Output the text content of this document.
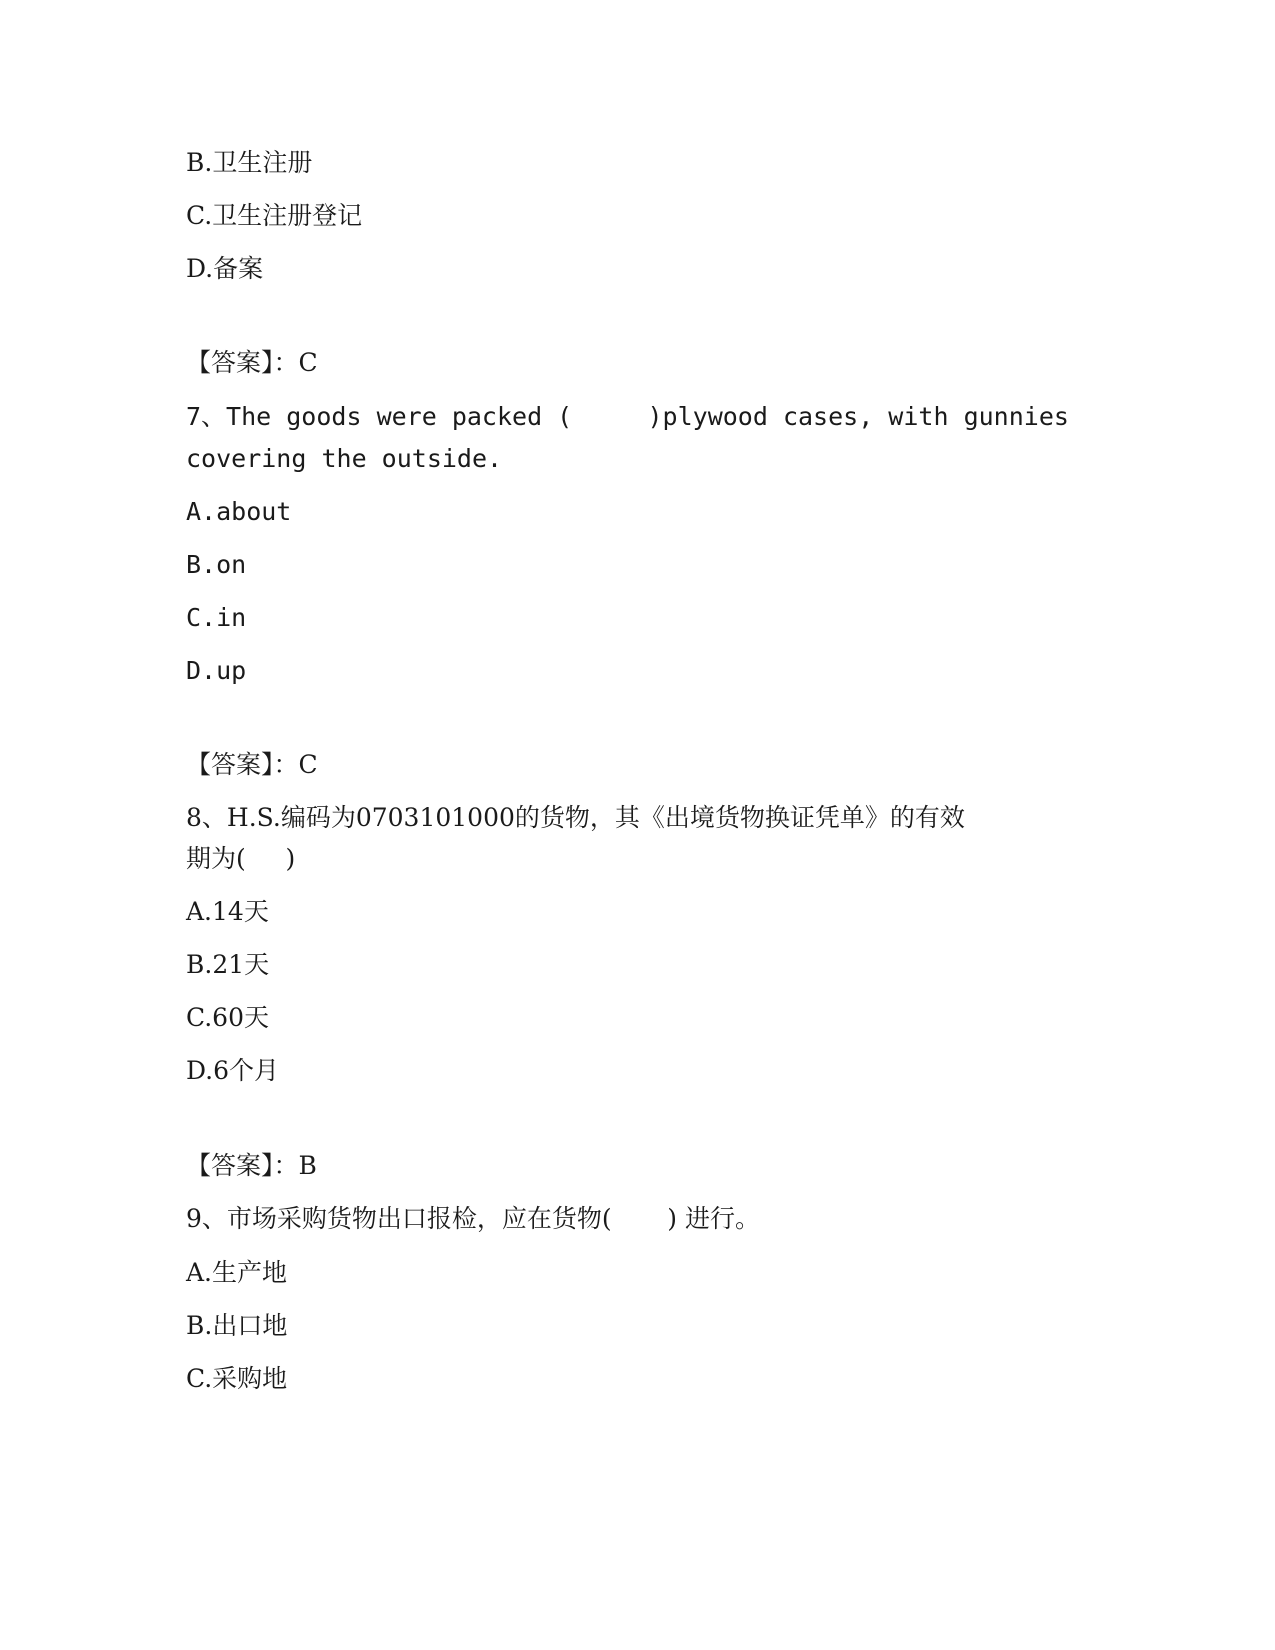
B.卫生注册
C.卫生注册登记
D.备案
【答案】：C
7、The goods were packed (     )plywood cases, with gunnies
covering the outside.
A.about
B.on
C.in
D.up
【答案】：C
8、H.S.编码为0703101000的货物，其《出境货物换证凭单》的有效
期为(     )
A.14天
B.21天
C.60天
D.6个月
【答案】：B
9、市场采购货物出口报检，应在货物(       ) 进行。
A.生产地
B.出口地
C.采购地
